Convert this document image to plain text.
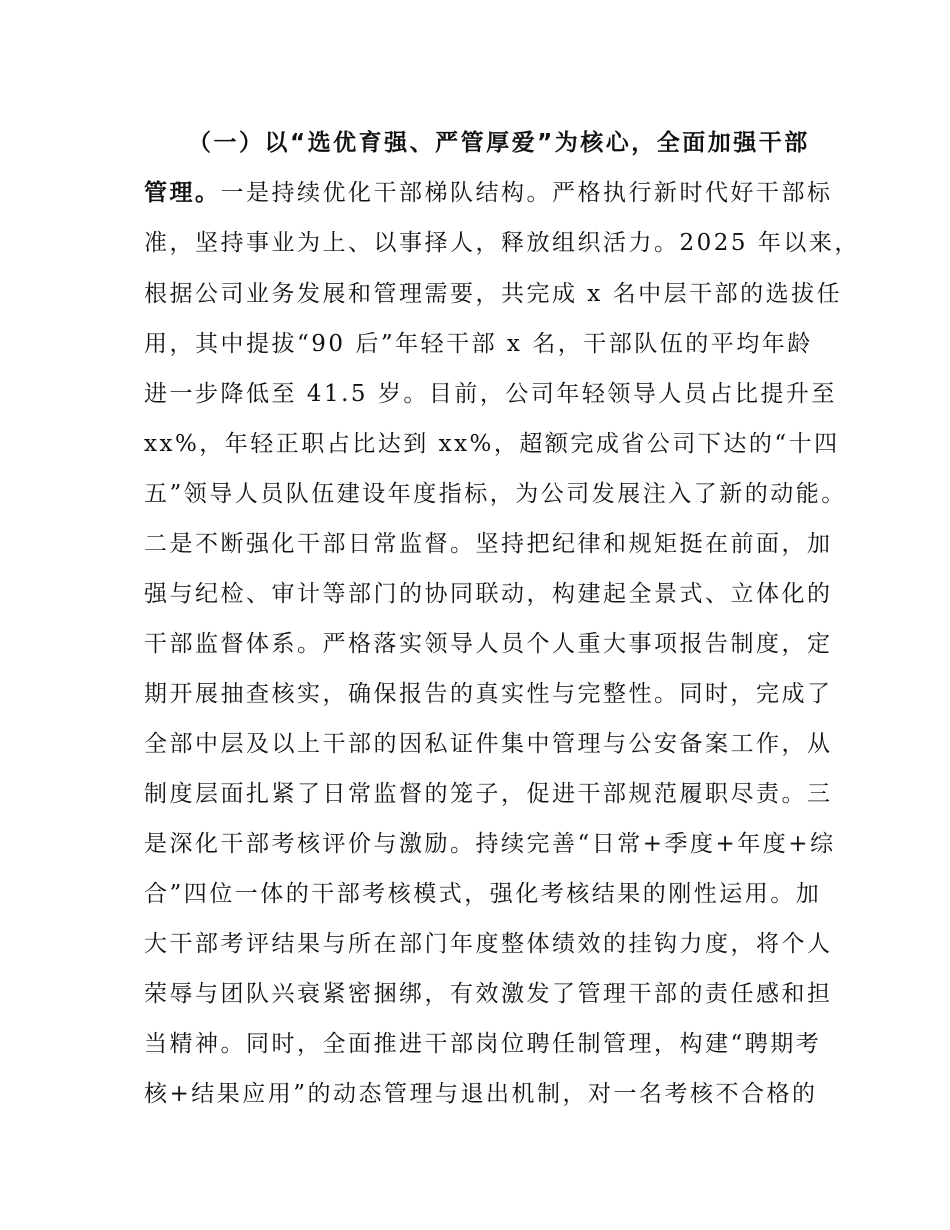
（一）以“选优育强、严管厚爱”为核心，全面加强干部
管理。一是持续优化干部梯队结构。严格执行新时代好干部标
准，坚持事业为上、以事择人，释放组织活力。2025 年以来，
根据公司业务发展和管理需要，共完成 x 名中层干部的选拔任
用，其中提拔“90 后”年轻干部 x 名，干部队伍的平均年龄
进一步降低至 41.5 岁。目前，公司年轻领导人员占比提升至
xx%，年轻正职占比达到 xx%，超额完成省公司下达的“十四
五”领导人员队伍建设年度指标，为公司发展注入了新的动能。
二是不断强化干部日常监督。坚持把纪律和规矩挺在前面，加
强与纪检、审计等部门的协同联动，构建起全景式、立体化的
干部监督体系。严格落实领导人员个人重大事项报告制度，定
期开展抽查核实，确保报告的真实性与完整性。同时，完成了
全部中层及以上干部的因私证件集中管理与公安备案工作，从
制度层面扎紧了日常监督的笼子，促进干部规范履职尽责。三
是深化干部考核评价与激励。持续完善“日常+季度+年度+综
合”四位一体的干部考核模式，强化考核结果的刚性运用。加
大干部考评结果与所在部门年度整体绩效的挂钩力度，将个人
荣辱与团队兴衰紧密捆绑，有效激发了管理干部的责任感和担
当精神。同时，全面推进干部岗位聘任制管理，构建“聘期考
核+结果应用”的动态管理与退出机制，对一名考核不合格的
